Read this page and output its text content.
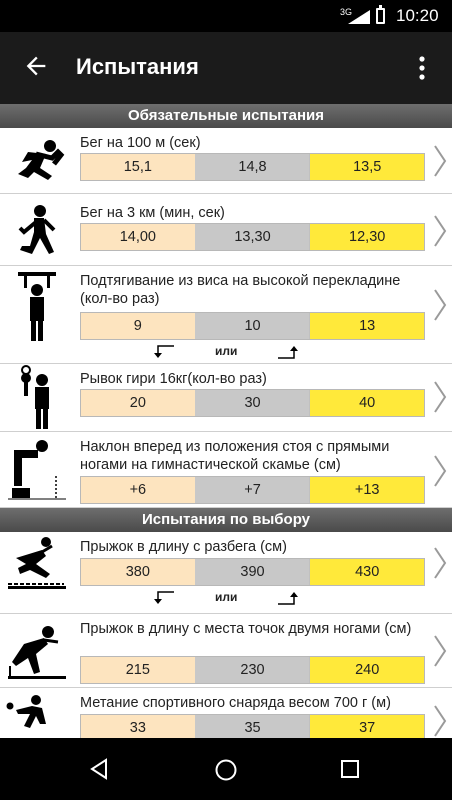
3G	10:20
Испытания
Обязательные испытания
Бег на 100 м (сек)
15,1	14,8	13,5
Бег на 3 км (мин, сек)
14,00	13,30	12,30
Подтягивание из виса на высокой перекладине (кол-во раз)
9	10	13
или
Рывок гири 16кг(кол-во раз)
20	30	40
Наклон вперед из положения стоя с прямыми ногами на гимнастической скамье (см)
+6	+7	+13
Испытания по выбору
Прыжок в длину с разбега (см)
380	390	430
или
Прыжок в длину с места точок двумя ногами (см)
215	230	240
Метание спортивного снаряда весом 700 г (м)
33	35	37
